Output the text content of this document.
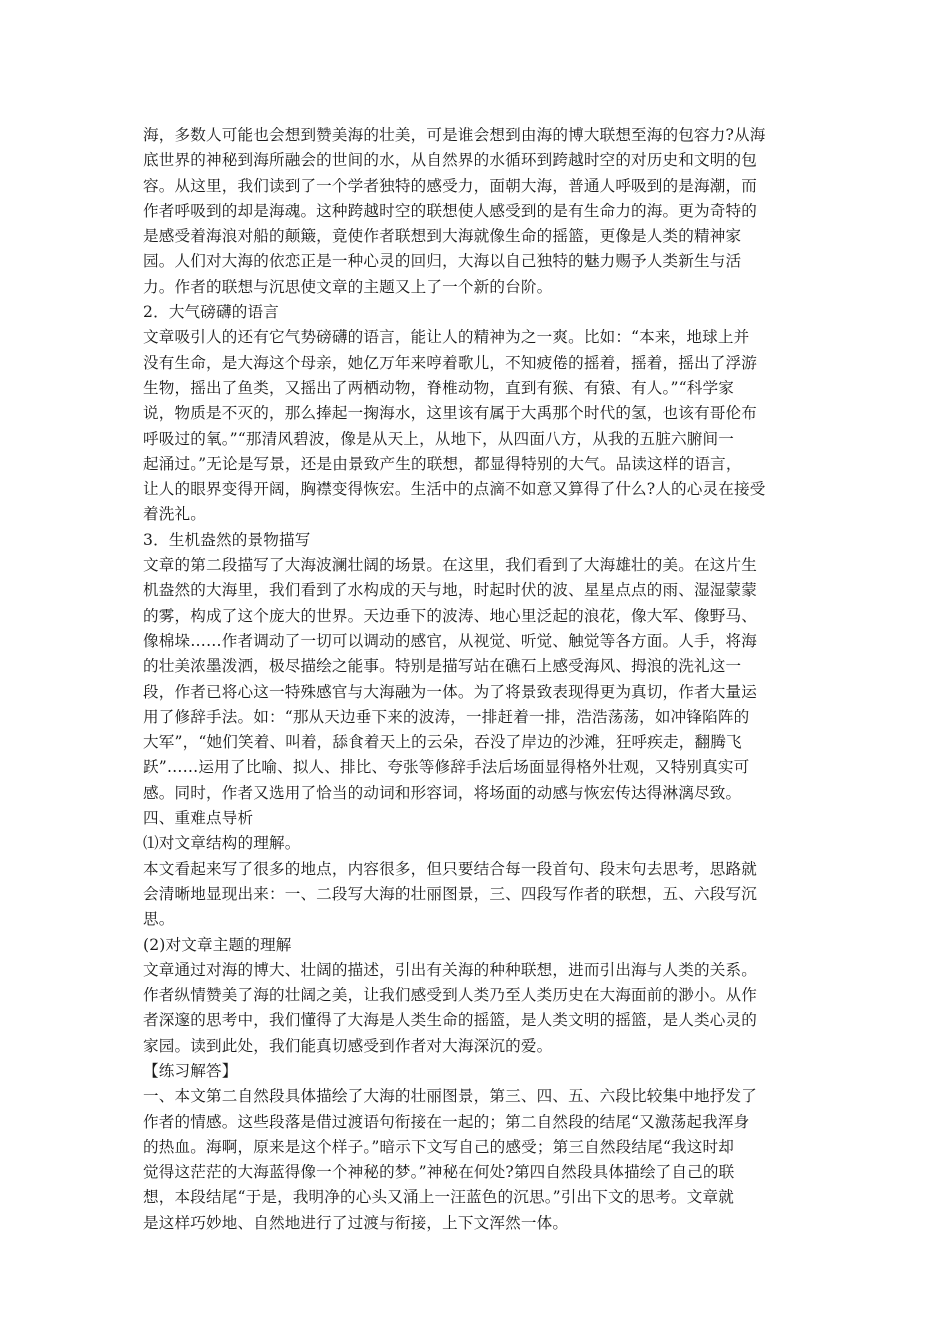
海，多数人可能也会想到赞美海的壮美，可是谁会想到由海的博大联想至海的包容力?从海
底世界的神秘到海所融会的世间的水，从自然界的水循环到跨越时空的对历史和文明的包
容。从这里，我们读到了一个学者独特的感受力，面朝大海，普通人呼吸到的是海潮，而
作者呼吸到的却是海魂。这种跨越时空的联想使人感受到的是有生命力的海。更为奇特的
是感受着海浪对船的颠簸，竟使作者联想到大海就像生命的摇篮，更像是人类的精神家
园。人们对大海的依恋正是一种心灵的回归，大海以自己独特的魅力赐予人类新生与活
力。作者的联想与沉思使文章的主题又上了一个新的台阶。
2．大气磅礴的语言
文章吸引人的还有它气势磅礴的语言，能让人的精神为之一爽。比如：“本来，地球上并
没有生命，是大海这个母亲，她亿万年来哼着歌儿，不知疲倦的摇着，摇着，摇出了浮游
生物，摇出了鱼类，又摇出了两栖动物，脊椎动物，直到有猴、有猿、有人。”“科学家
说，物质是不灭的，那么捧起一掬海水，这里该有属于大禹那个时代的氢，也该有哥伦布
呼吸过的氧。”“那清风碧波，像是从天上，从地下，从四面八方，从我的五脏六腑间一
起涌过。”无论是写景，还是由景致产生的联想，都显得特别的大气。品读这样的语言，
让人的眼界变得开阔，胸襟变得恢宏。生活中的点滴不如意又算得了什么?人的心灵在接受
着洗礼。
3．生机盎然的景物描写
文章的第二段描写了大海波澜壮阔的场景。在这里，我们看到了大海雄壮的美。在这片生
机盎然的大海里，我们看到了水构成的天与地，时起时伏的波、星星点点的雨、湿湿蒙蒙
的雾，构成了这个庞大的世界。天边垂下的波涛、地心里泛起的浪花，像大军、像野马、
像棉垛……作者调动了一切可以调动的感官，从视觉、听觉、触觉等各方面。人手，将海
的壮美浓墨泼洒，极尽描绘之能事。特别是描写站在礁石上感受海风、拇浪的洗礼这一
段，作者已将心这一特殊感官与大海融为一体。为了将景致表现得更为真切，作者大量运
用了修辞手法。如：“那从天边垂下来的波涛，一排赶着一排，浩浩荡荡，如冲锋陷阵的
大军”，“她们笑着、叫着，舔食着天上的云朵，吞没了岸边的沙滩，狂呼疾走，翻腾飞
跃”……运用了比喻、拟人、排比、夸张等修辞手法后场面显得格外壮观，又特别真实可
感。同时，作者又选用了恰当的动词和形容词，将场面的动感与恢宏传达得淋漓尽致。
四、重难点导析
⑴对文章结构的理解。
本文看起来写了很多的地点，内容很多，但只要结合每一段首句、段末句去思考，思路就
会清晰地显现出来：一、二段写大海的壮丽图景，三、四段写作者的联想，五、六段写沉
思。
(2)对文章主题的理解
文章通过对海的博大、壮阔的描述，引出有关海的种种联想，进而引出海与人类的关系。
作者纵情赞美了海的壮阔之美，让我们感受到人类乃至人类历史在大海面前的渺小。从作
者深邃的思考中，我们懂得了大海是人类生命的摇篮，是人类文明的摇篮，是人类心灵的
家园。读到此处，我们能真切感受到作者对大海深沉的爱。
【练习解答】
一、本文第二自然段具体描绘了大海的壮丽图景，第三、四、五、六段比较集中地抒发了
作者的情感。这些段落是借过渡语句衔接在一起的；第二自然段的结尾“又激荡起我浑身
的热血。海啊，原来是这个样子。”暗示下文写自己的感受；第三自然段结尾“我这时却
觉得这茫茫的大海蓝得像一个神秘的梦。”神秘在何处?第四自然段具体描绘了自己的联
想，本段结尾“于是，我明净的心头又涌上一汪蓝色的沉思。”引出下文的思考。文章就
是这样巧妙地、自然地进行了过渡与衔接，上下文浑然一体。
